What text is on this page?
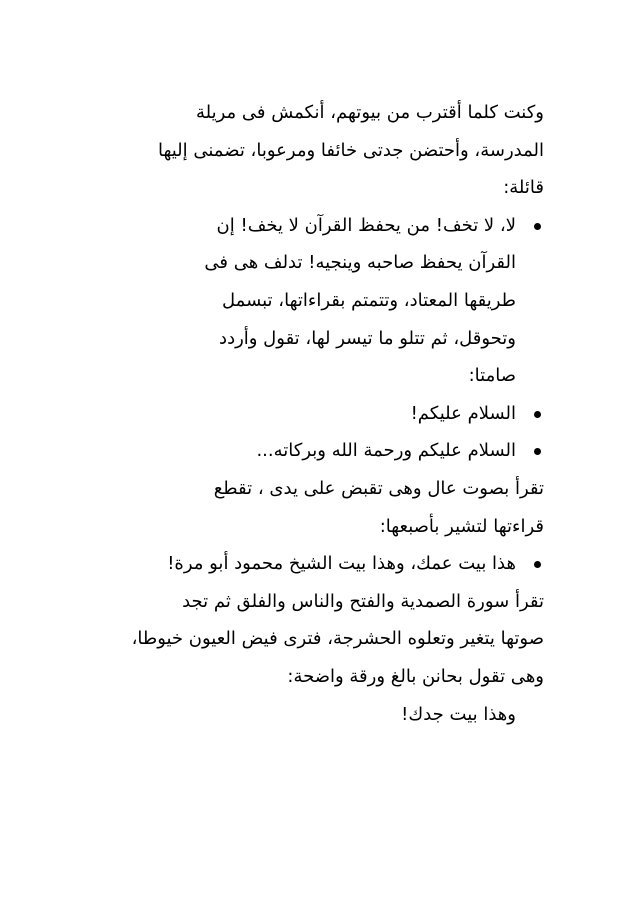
وكنت كلما أقترب من بيوتهم، أنكمش فى مريلة
المدرسة، وأحتضن جدتى خائفا ومرعوبا، تضمنى إليها
قائلة:
لا، لا تخف! من يحفظ القرآن لا يخف! إن
القرآن يحفظ صاحبه وينجيه! تدلف هى فى
طريقها المعتاد، وتتمتم بقراءاتها، تبسمل
وتحوقل، ثم تتلو ما تيسر لها، تقول وأردد
صامتا:
السلام عليكم!
السلام عليكم ورحمة الله وبركاته...
تقرأ بصوت عال وهى تقبض على يدى ، تقطع
قراءتها لتشير بأصبعها:
هذا بيت عمك، وهذا بيت الشيخ محمود أبو مرة!
تقرأ سورة الصمدية والفتح والناس والفلق ثم تجد
صوتها يتغير وتعلوه الحشرجة، فترى فيض العيون خيوطا،
وهى تقول بحانن بالغ ورقة واضحة:
وهذا بيت جدك!
